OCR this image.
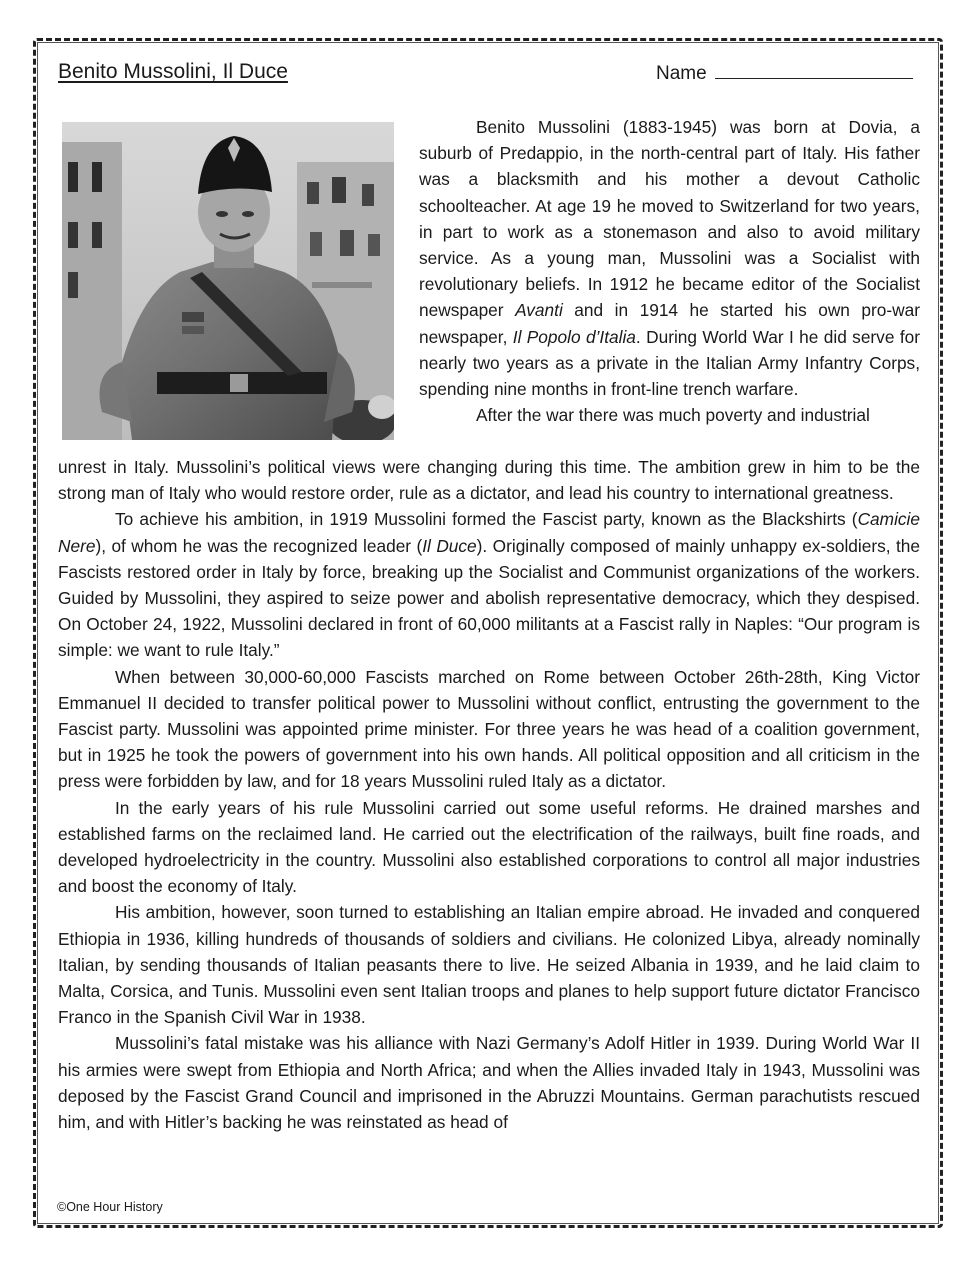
Benito Mussolini, Il Duce	Name

Benito Mussolini (1883-1945) was born at Dovia, a suburb of Predappio, in the north-central part of Italy. His father was a blacksmith and his mother a devout Catholic schoolteacher. At age 19 he moved to Switzerland for two years, in part to work as a stonemason and also to avoid military service. As a young man, Mussolini was a Socialist with revolutionary beliefs. In 1912 he became editor of the Socialist newspaper Avanti and in 1914 he started his own pro-war newspaper, Il Popolo d’Italia. During World War I he did serve for nearly two years as a private in the Italian Army Infantry Corps, spending nine months in front-line trench warfare.

After the war there was much poverty and industrial

unrest in Italy. Mussolini’s political views were changing during this time. The ambition grew in him to be the strong man of Italy who would restore order, rule as a dictator, and lead his country to international greatness.

To achieve his ambition, in 1919 Mussolini formed the Fascist party, known as the Blackshirts (Camicie Nere), of whom he was the recognized leader (Il Duce). Originally composed of mainly unhappy ex-soldiers, the Fascists restored order in Italy by force, breaking up the Socialist and Communist organizations of the workers. Guided by Mussolini, they aspired to seize power and abolish representative democracy, which they despised. On October 24, 1922, Mussolini declared in front of 60,000 militants at a Fascist rally in Naples: “Our program is simple: we want to rule Italy.”

When between 30,000-60,000 Fascists marched on Rome between October 26th-28th, King Victor Emmanuel II decided to transfer political power to Mussolini without conflict, entrusting the government to the Fascist party. Mussolini was appointed prime minister. For three years he was head of a coalition government, but in 1925 he took the powers of government into his own hands. All political opposition and all criticism in the press were forbidden by law, and for 18 years Mussolini ruled Italy as a dictator.

In the early years of his rule Mussolini carried out some useful reforms. He drained marshes and established farms on the reclaimed land. He carried out the electrification of the railways, built fine roads, and developed hydroelectricity in the country. Mussolini also established corporations to control all major industries and boost the economy of Italy.

His ambition, however, soon turned to establishing an Italian empire abroad. He invaded and conquered Ethiopia in 1936, killing hundreds of thousands of soldiers and civilians. He colonized Libya, already nominally Italian, by sending thousands of Italian peasants there to live. He seized Albania in 1939, and he laid claim to Malta, Corsica, and Tunis. Mussolini even sent Italian troops and planes to help support future dictator Francisco Franco in the Spanish Civil War in 1938.

Mussolini’s fatal mistake was his alliance with Nazi Germany’s Adolf Hitler in 1939. During World War II his armies were swept from Ethiopia and North Africa; and when the Allies invaded Italy in 1943, Mussolini was deposed by the Fascist Grand Council and imprisoned in the Abruzzi Mountains. German parachutists rescued him, and with Hitler’s backing he was reinstated as head of

©One Hour History
